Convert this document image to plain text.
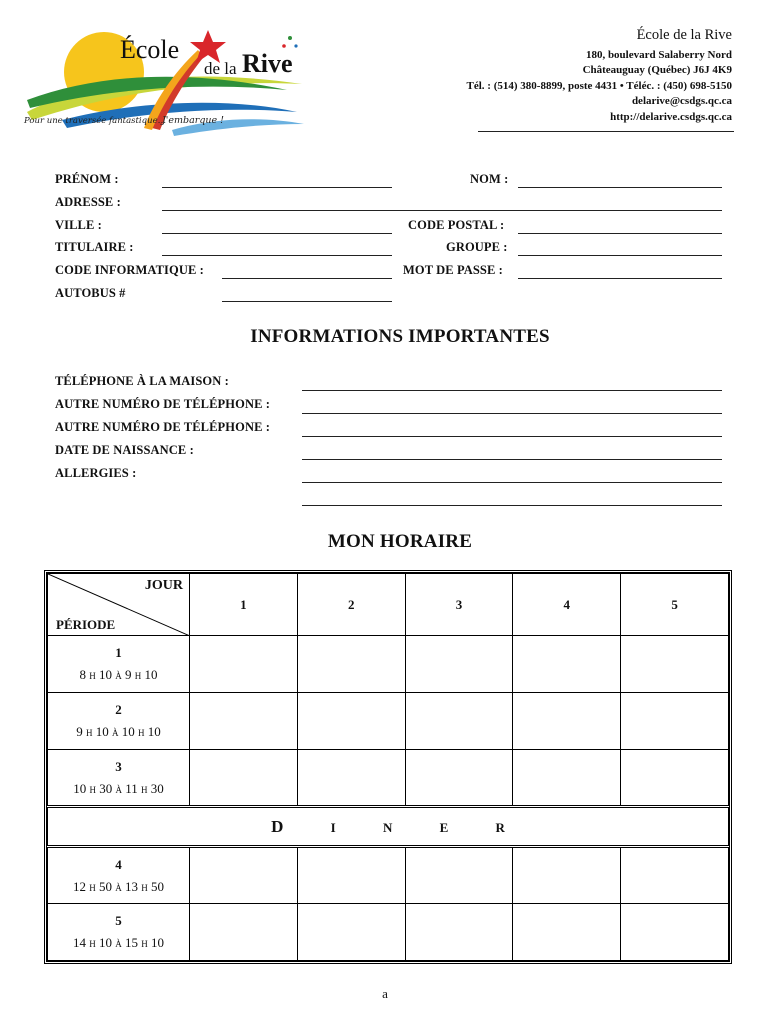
École
de la Rive
Pour une traversée fantastique…
J'embarque !
École de la Rive
180, boulevard Salaberry Nord
Châteauguay (Québec) J6J 4K9
Tél. : (514) 380-8899, poste 4431 • Téléc. : (450) 698-5150
delarive@csdgs.qc.ca
http://delarive.csdgs.qc.ca
PRÉNOM :	NOM :
ADRESSE :
VILLE :	CODE POSTAL :
TITULAIRE :	GROUPE :
CODE INFORMATIQUE :	MOT DE PASSE :
AUTOBUS #
INFORMATIONS IMPORTANTES
TÉLÉPHONE À LA MAISON :
AUTRE NUMÉRO DE TÉLÉPHONE :
AUTRE NUMÉRO DE TÉLÉPHONE :
DATE DE NAISSANCE :
ALLERGIES :
MON HORAIRE
JOUR
PÉRIODE	1	2	3	4	5

1
8 h 10 à 9 h 10					

2
9 h 10 à 10 h 10					

3
10 h 30 à 11 h 30					

D I N E R					

4
12 h 50 à 13 h 50					

5
14 h 10 à 15 h 10					

a
